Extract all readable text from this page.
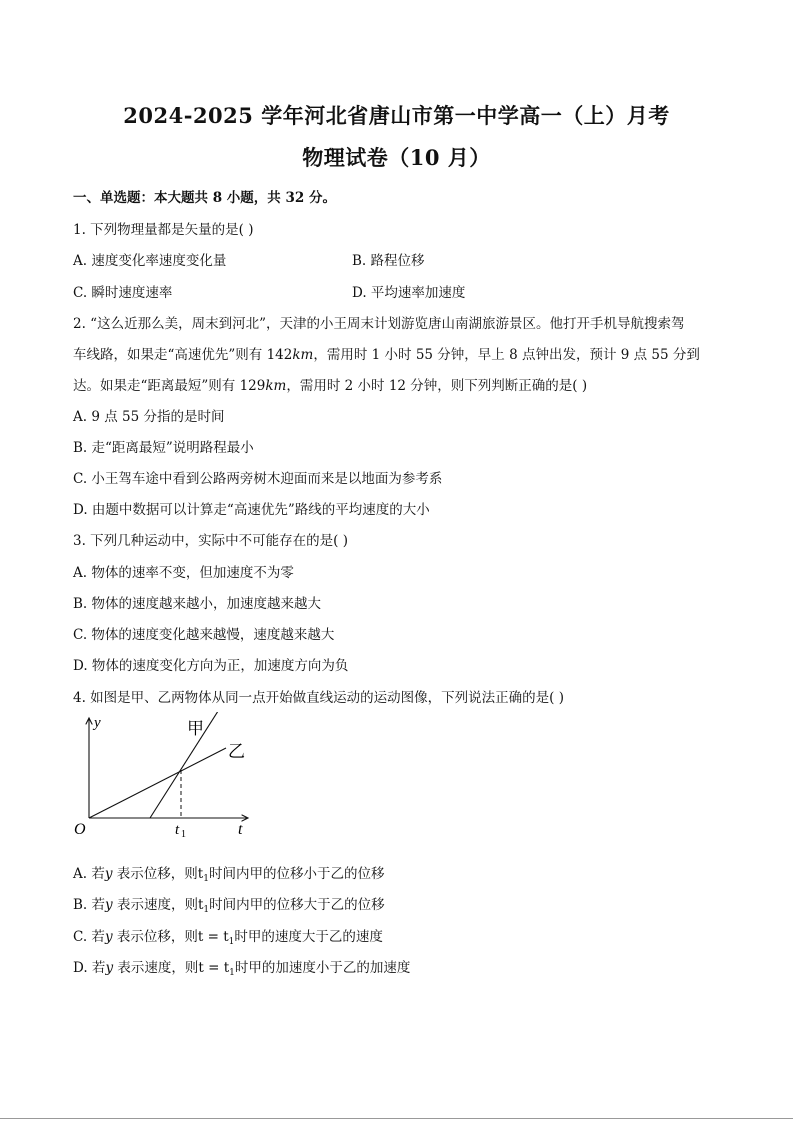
2024-2025 学年河北省唐山市第一中学高一（上）月考
物理试卷（10 月）
一、单选题：本大题共 8 小题，共 32 分。
1. 下列物理量都是矢量的是( )
A. 速度变化率速度变化量	B. 路程位移
C. 瞬时速度速率	D. 平均速率加速度
2. “这么近那么美，周末到河北”，天津的小王周末计划游览唐山南湖旅游景区。他打开手机导航搜索驾
车线路，如果走“高速优先”则有 142km，需用时 1 小时 55 分钟，早上 8 点钟出发，预计 9 点 55 分到
达。如果走“距离最短”则有 129km，需用时 2 小时 12 分钟，则下列判断正确的是( )
A. 9 点 55 分指的是时间
B. 走“距离最短”说明路程最小
C. 小王驾车途中看到公路两旁树木迎面而来是以地面为参考系
D. 由题中数据可以计算走“高速优先”路线的平均速度的大小
3. 下列几种运动中，实际中不可能存在的是( )
A. 物体的速率不变，但加速度不为零
B. 物体的速度越来越小，加速度越来越大
C. 物体的速度变化越来越慢，速度越来越大
D. 物体的速度变化方向为正，加速度方向为负
4. 如图是甲、乙两物体从同一点开始做直线运动的运动图像，下列说法正确的是( )
y
t
O	t 1
甲
乙
A. 若y 表示位移，则$t_1$时间内甲的位移小于乙的位移
B. 若y 表示速度，则$t_1$时间内甲的位移大于乙的位移
C. 若y 表示位移，则$t = t_1$时甲的速度大于乙的速度
D. 若y 表示速度，则$t = t_1$时甲的加速度小于乙的加速度
